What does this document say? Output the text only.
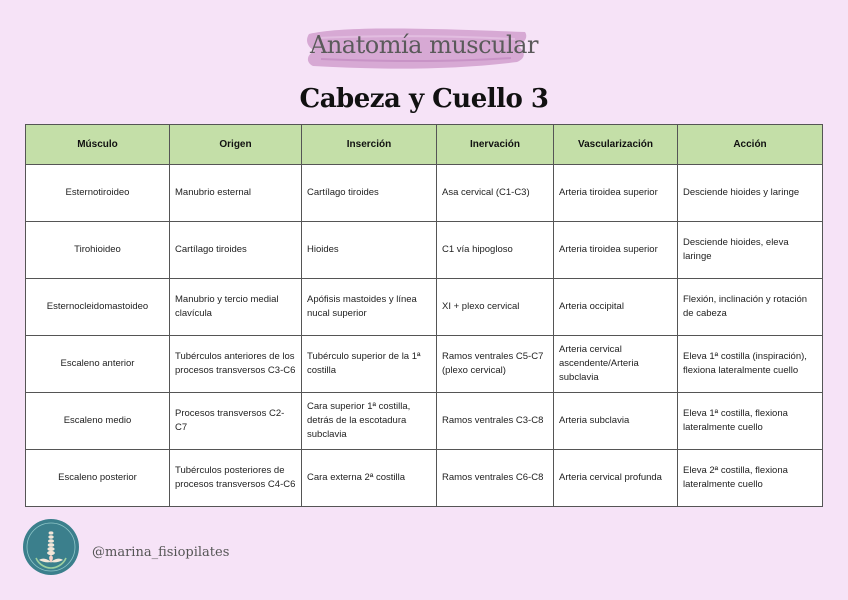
Anatomía muscular
Cabeza y Cuello 3
Músculo	Origen	Inserción	Inervación	Vascularización	Acción
Esternotiroideo	Manubrio esternal	Cartílago tiroides	Asa cervical (C1-C3)	Arteria tiroidea superior	Desciende hioides y laringe
Tirohioideo	Cartílago tiroides	Hioides	C1 vía hipogloso	Arteria tiroidea superior	Desciende hioides, eleva laringe
Esternocleidomastoideo	Manubrio y tercio medial clavícula	Apófisis mastoides y línea nucal superior	XI + plexo cervical	Arteria occipital	Flexión, inclinación y rotación de cabeza
Escaleno anterior	Tubérculos anteriores de los procesos transversos C3-C6	Tubérculo superior de la 1ª costilla	Ramos ventrales C5-C7 (plexo cervical)	Arteria cervical ascendente/Arteria subclavia	Eleva 1ª costilla (inspiración), flexiona lateralmente cuello
Escaleno medio	Procesos transversos C2-C7	Cara superior 1ª costilla, detrás de la escotadura subclavia	Ramos ventrales C3-C8	Arteria subclavia	Eleva 1ª costilla, flexiona lateralmente cuello
Escaleno posterior	Tubérculos posteriores de procesos transversos C4-C6	Cara externa 2ª costilla	Ramos ventrales C6-C8	Arteria cervical profunda	Eleva 2ª costilla, flexiona lateralmente cuello
@marina_fisiopilates
